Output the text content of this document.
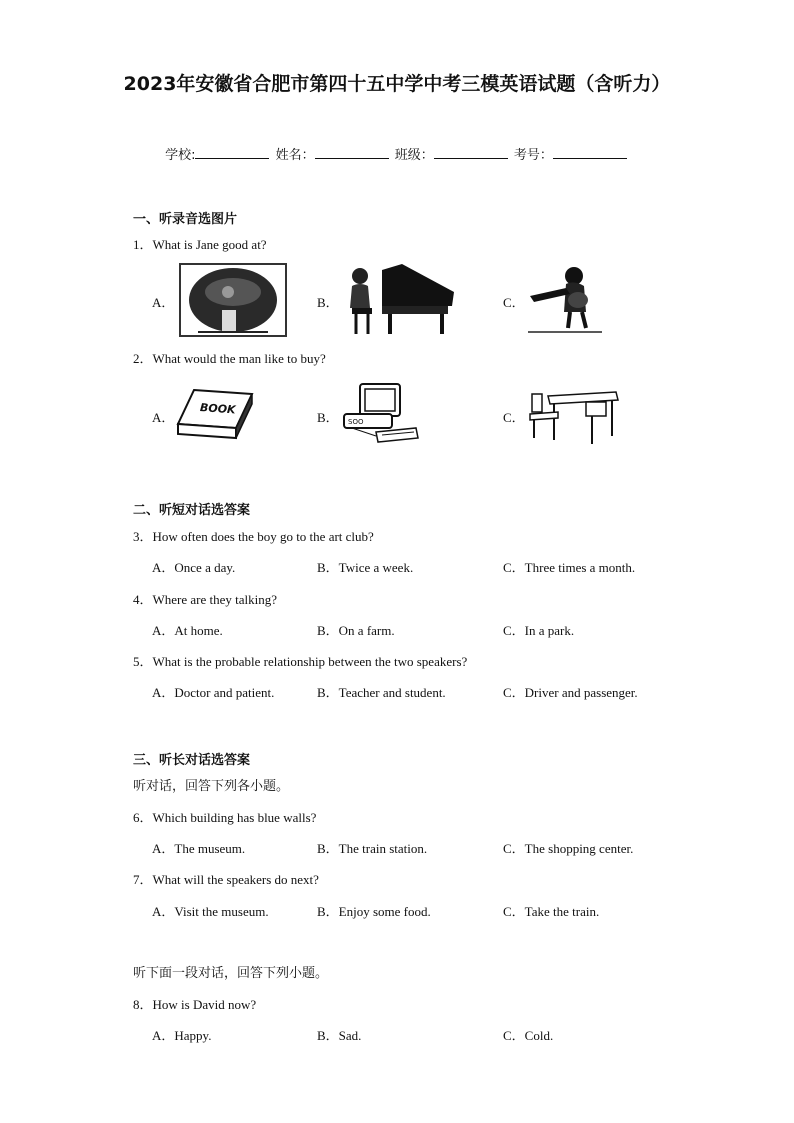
2023年安徽省合肥市第四十五中学中考三模英语试题（含听力）
学校:	姓名：	班级：	考号：
一、听录音选图片
1．What is Jane good at?
A．	B．	C．
2．What would the man like to buy?
A．
BOOK
B． SOO	C．
二、听短对话选答案
3．How often does the boy go to the art club?
A．Once a day.	B．Twice a week.	C．Three times a month.
4．Where are they talking?
A．At home.	B．On a farm.	C．In a park.
5．What is the probable relationship between the two speakers?
A．Doctor and patient.	B．Teacher and student.	C．Driver and passenger.
三、听长对话选答案
听对话，回答下列各小题。
6．Which building has blue walls?
A．The museum.	B．The train station.	C．The shopping center.
7．What will the speakers do next?
A．Visit the museum.	B．Enjoy some food.	C．Take the train.
听下面一段对话，回答下列小题。
8．How is David now?
A．Happy.	B．Sad.	C．Cold.
